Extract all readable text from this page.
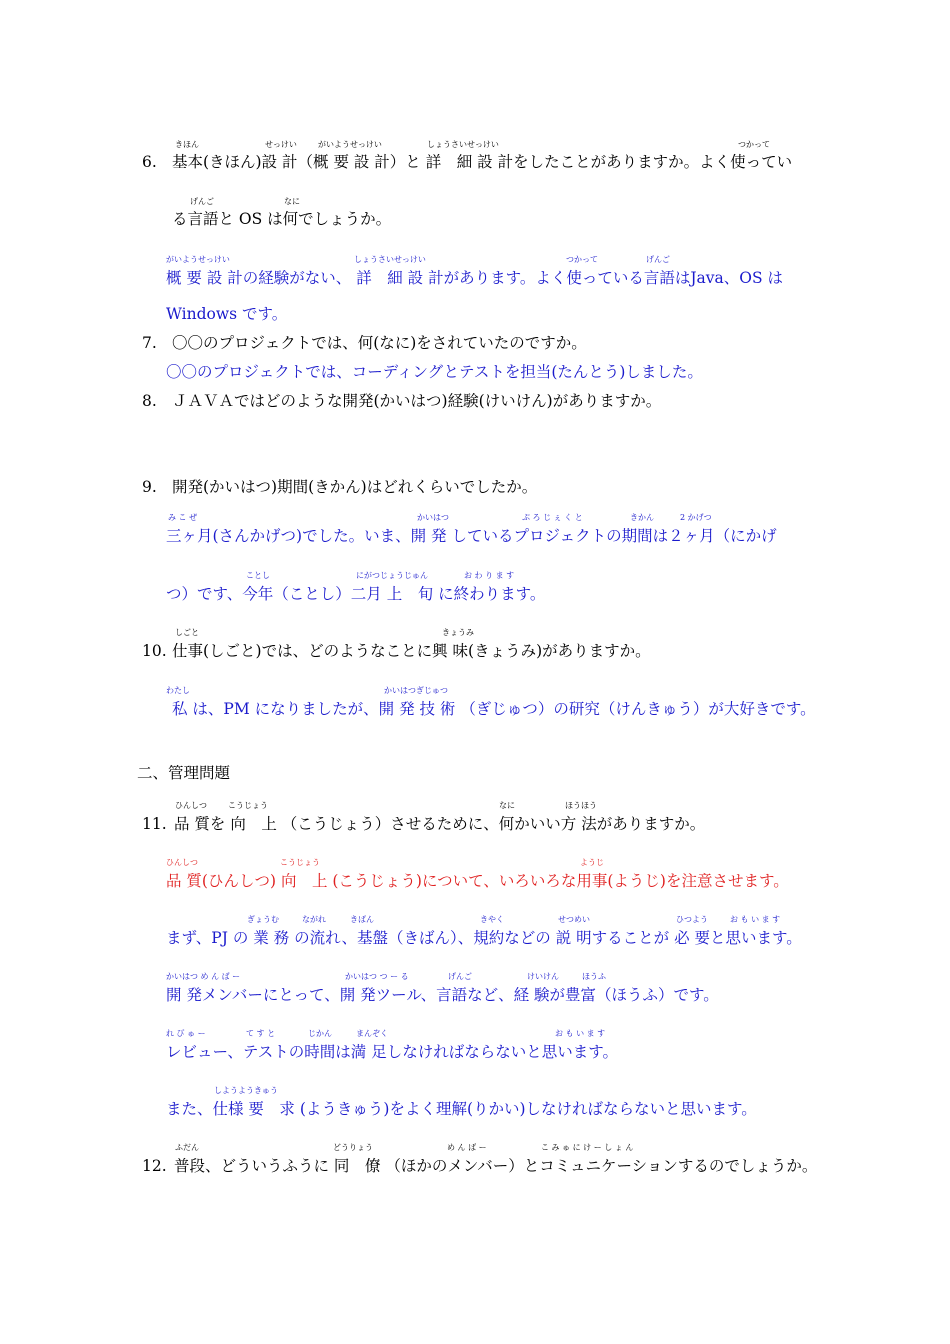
きほん	せっけい	がいようせっけい	しょうさいせっけい	つかって
6. 基本(きほん)設 計（概 要 設 計）と 詳　細 設 計をしたことがありますか。よく使ってい
げんご	なに
る言語と OS は何でしょうか。
がいようせっけい	しょうさいせっけい	つかって	げんご
概 要 設 計の経験がない、 詳　細 設 計があります。よく使っている言語はJava、OS は
Windows です。
7. 〇〇のプロジェクトでは、何(なに)をされていたのですか。
〇〇のプロジェクトでは、コーディングとテストを担当(たんとう)しました。
8. ＪＡＶＡではどのような開発(かいはつ)経験(けいけん)がありますか。
9. 開発(かいはつ)期間(きかん)はどれくらいでしたか。
み こ ぜ	かいはつ	ぷ ろ じ ぇ く と	きかん	2 かげつ
三ヶ月(さんかげつ)でした。いま、開 発 しているプロジェクトの期間は２ヶ月（にかげ
ことし	にがつじょうじゅん	お わ り ま す
つ）です、今年（ことし）二月 上　旬 に終わります。
しごと	きょうみ
10. 仕事(しごと)では、どのようなことに興 味(きょうみ)がありますか。
わたし	かいはつぎじゅつ
私 は、PM になりましたが、開 発 技 術 （ぎじゅつ）の研究（けんきゅう）が大好きです。
二、管理問題
ひんしつ	こうじょう	なに	ほうほう
11. 品 質を 向　上 （こうじょう）させるために、何かいい方 法がありますか。
ひんしつ	こうじょう	ようじ
品 質(ひんしつ) 向　上 (こうじょう)について、いろいろな用事(ようじ)を注意させます。
ぎょうむ	ながれ	きばん	きやく	せつめい	ひつよう	お も い ま す
まず、PJ の 業 務 の流れ、基盤（きばん）、規約などの 説 明することが 必 要と思います。
かいはつ め ん ば ー	かいはつ つ ー る	げんご	けいけん	ほうふ
開 発メンバーにとって、開 発ツール、言語など、経 験が豊富（ほうふ）です。
れ び ゅ ー	て す と	じかん	まんぞく	お も い ま す
レビュー、テストの時間は満 足しなければならないと思います。
しようようきゅう
また、仕様 要　求 (ようきゅう)をよく理解(りかい)しなければならないと思います。
ふだん	どうりょう	め ん ば ー	こ み ゅ に け ー し ょ ん
12. 普段、どういうふうに 同　僚 （ほかのメンバー）とコミュニケーションするのでしょうか。
